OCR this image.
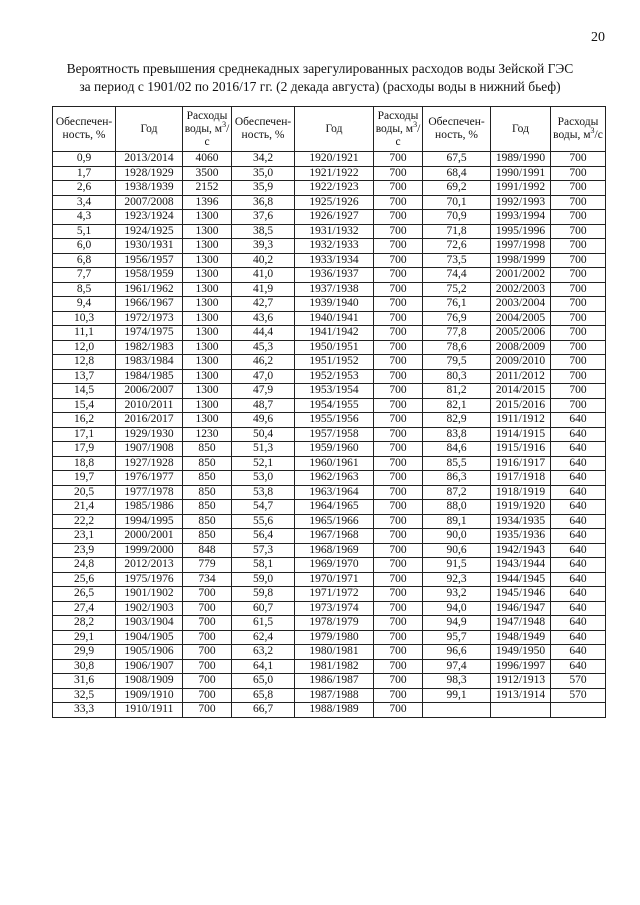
20
Вероятность превышения среднекадных зарегулированных расходов воды Зейской ГЭС
за период с 1901/02 по 2016/17 гг. (2 декада августа) (расходы воды в нижний бьеф)
Обеспечен-ность, %	Год	Расходы воды, $м^3/с$	Обеспечен-ность, %	Год	Расходы воды, $м^3/с$	Обеспечен-ность, %	Год	Расходы воды, $м^3/с$
0,9	2013/2014	4060	34,2	1920/1921	700	67,5	1989/1990	700
1,7	1928/1929	3500	35,0	1921/1922	700	68,4	1990/1991	700
2,6	1938/1939	2152	35,9	1922/1923	700	69,2	1991/1992	700
3,4	2007/2008	1396	36,8	1925/1926	700	70,1	1992/1993	700
4,3	1923/1924	1300	37,6	1926/1927	700	70,9	1993/1994	700
5,1	1924/1925	1300	38,5	1931/1932	700	71,8	1995/1996	700
6,0	1930/1931	1300	39,3	1932/1933	700	72,6	1997/1998	700
6,8	1956/1957	1300	40,2	1933/1934	700	73,5	1998/1999	700
7,7	1958/1959	1300	41,0	1936/1937	700	74,4	2001/2002	700
8,5	1961/1962	1300	41,9	1937/1938	700	75,2	2002/2003	700
9,4	1966/1967	1300	42,7	1939/1940	700	76,1	2003/2004	700
10,3	1972/1973	1300	43,6	1940/1941	700	76,9	2004/2005	700
11,1	1974/1975	1300	44,4	1941/1942	700	77,8	2005/2006	700
12,0	1982/1983	1300	45,3	1950/1951	700	78,6	2008/2009	700
12,8	1983/1984	1300	46,2	1951/1952	700	79,5	2009/2010	700
13,7	1984/1985	1300	47,0	1952/1953	700	80,3	2011/2012	700
14,5	2006/2007	1300	47,9	1953/1954	700	81,2	2014/2015	700
15,4	2010/2011	1300	48,7	1954/1955	700	82,1	2015/2016	700
16,2	2016/2017	1300	49,6	1955/1956	700	82,9	1911/1912	640
17,1	1929/1930	1230	50,4	1957/1958	700	83,8	1914/1915	640
17,9	1907/1908	850	51,3	1959/1960	700	84,6	1915/1916	640
18,8	1927/1928	850	52,1	1960/1961	700	85,5	1916/1917	640
19,7	1976/1977	850	53,0	1962/1963	700	86,3	1917/1918	640
20,5	1977/1978	850	53,8	1963/1964	700	87,2	1918/1919	640
21,4	1985/1986	850	54,7	1964/1965	700	88,0	1919/1920	640
22,2	1994/1995	850	55,6	1965/1966	700	89,1	1934/1935	640
23,1	2000/2001	850	56,4	1967/1968	700	90,0	1935/1936	640
23,9	1999/2000	848	57,3	1968/1969	700	90,6	1942/1943	640
24,8	2012/2013	779	58,1	1969/1970	700	91,5	1943/1944	640
25,6	1975/1976	734	59,0	1970/1971	700	92,3	1944/1945	640
26,5	1901/1902	700	59,8	1971/1972	700	93,2	1945/1946	640
27,4	1902/1903	700	60,7	1973/1974	700	94,0	1946/1947	640
28,2	1903/1904	700	61,5	1978/1979	700	94,9	1947/1948	640
29,1	1904/1905	700	62,4	1979/1980	700	95,7	1948/1949	640
29,9	1905/1906	700	63,2	1980/1981	700	96,6	1949/1950	640
30,8	1906/1907	700	64,1	1981/1982	700	97,4	1996/1997	640
31,6	1908/1909	700	65,0	1986/1987	700	98,3	1912/1913	570
32,5	1909/1910	700	65,8	1987/1988	700	99,1	1913/1914	570
33,3	1910/1911	700	66,7	1988/1989	700			
